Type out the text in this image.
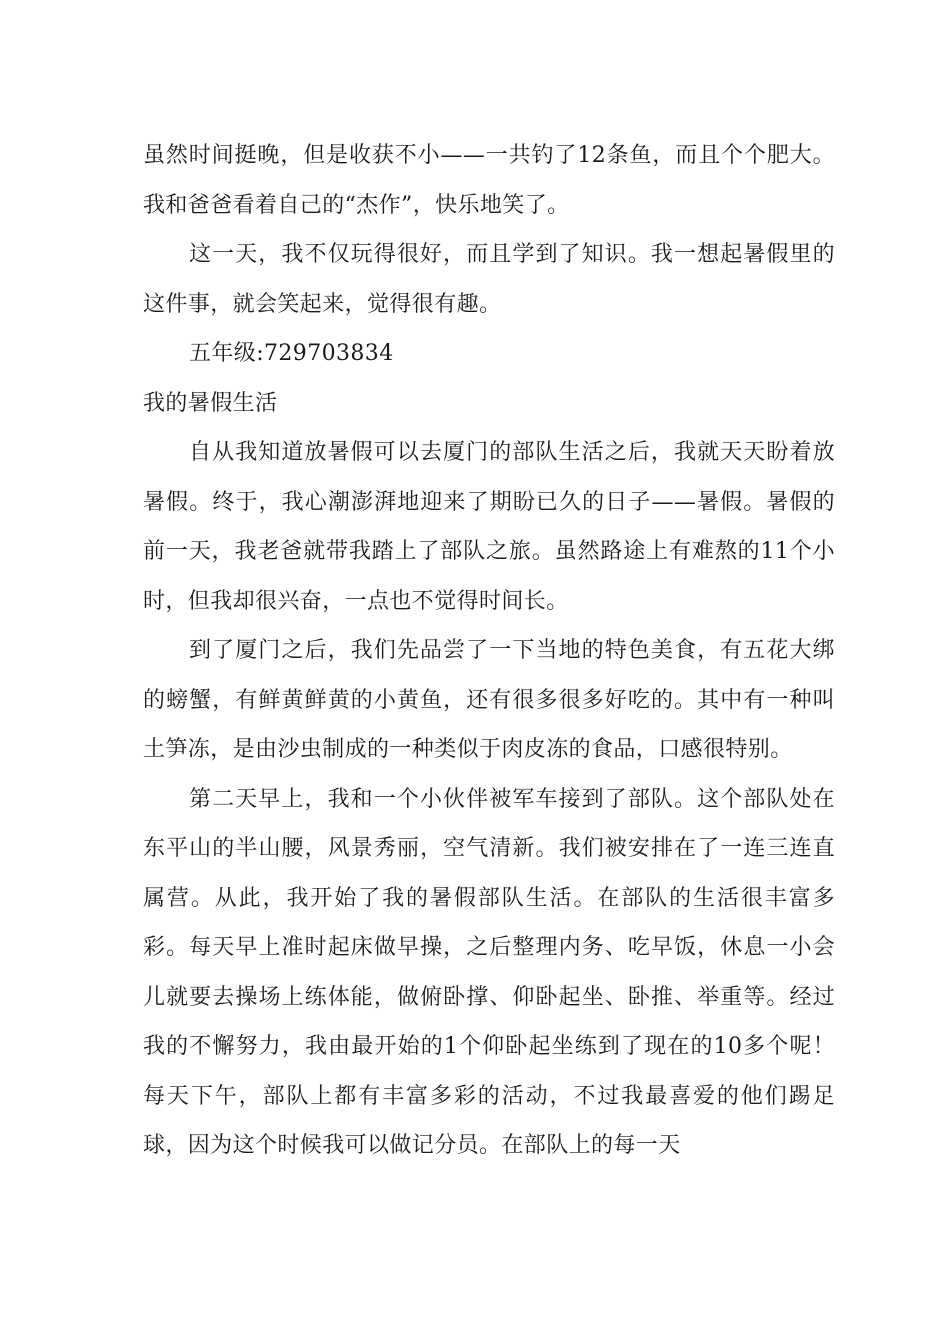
虽然时间挺晚，但是收获不小——一共钓了12条鱼，而且个个肥大。我和爸爸看着自己的“杰作”，快乐地笑了。

这一天，我不仅玩得很好，而且学到了知识。我一想起暑假里的这件事，就会笑起来，觉得很有趣。

五年级:729703834

我的暑假生活

自从我知道放暑假可以去厦门的部队生活之后，我就天天盼着放暑假。终于，我心潮澎湃地迎来了期盼已久的日子——暑假。暑假的前一天，我老爸就带我踏上了部队之旅。虽然路途上有难熬的11个小时，但我却很兴奋，一点也不觉得时间长。

到了厦门之后，我们先品尝了一下当地的特色美食，有五花大绑的螃蟹，有鲜黄鲜黄的小黄鱼，还有很多很多好吃的。其中有一种叫土笋冻，是由沙虫制成的一种类似于肉皮冻的食品，口感很特别。

第二天早上，我和一个小伙伴被军车接到了部队。这个部队处在东平山的半山腰，风景秀丽，空气清新。我们被安排在了一连三连直属营。从此，我开始了我的暑假部队生活。在部队的生活很丰富多彩。每天早上准时起床做早操，之后整理内务、吃早饭，休息一小会儿就要去操场上练体能，做俯卧撑、仰卧起坐、卧推、举重等。经过我的不懈努力，我由最开始的1个仰卧起坐练到了现在的10多个呢！每天下午，部队上都有丰富多彩的活动，不过我最喜爱的他们踢足球，因为这个时候我可以做记分员。在部队上的每一天
